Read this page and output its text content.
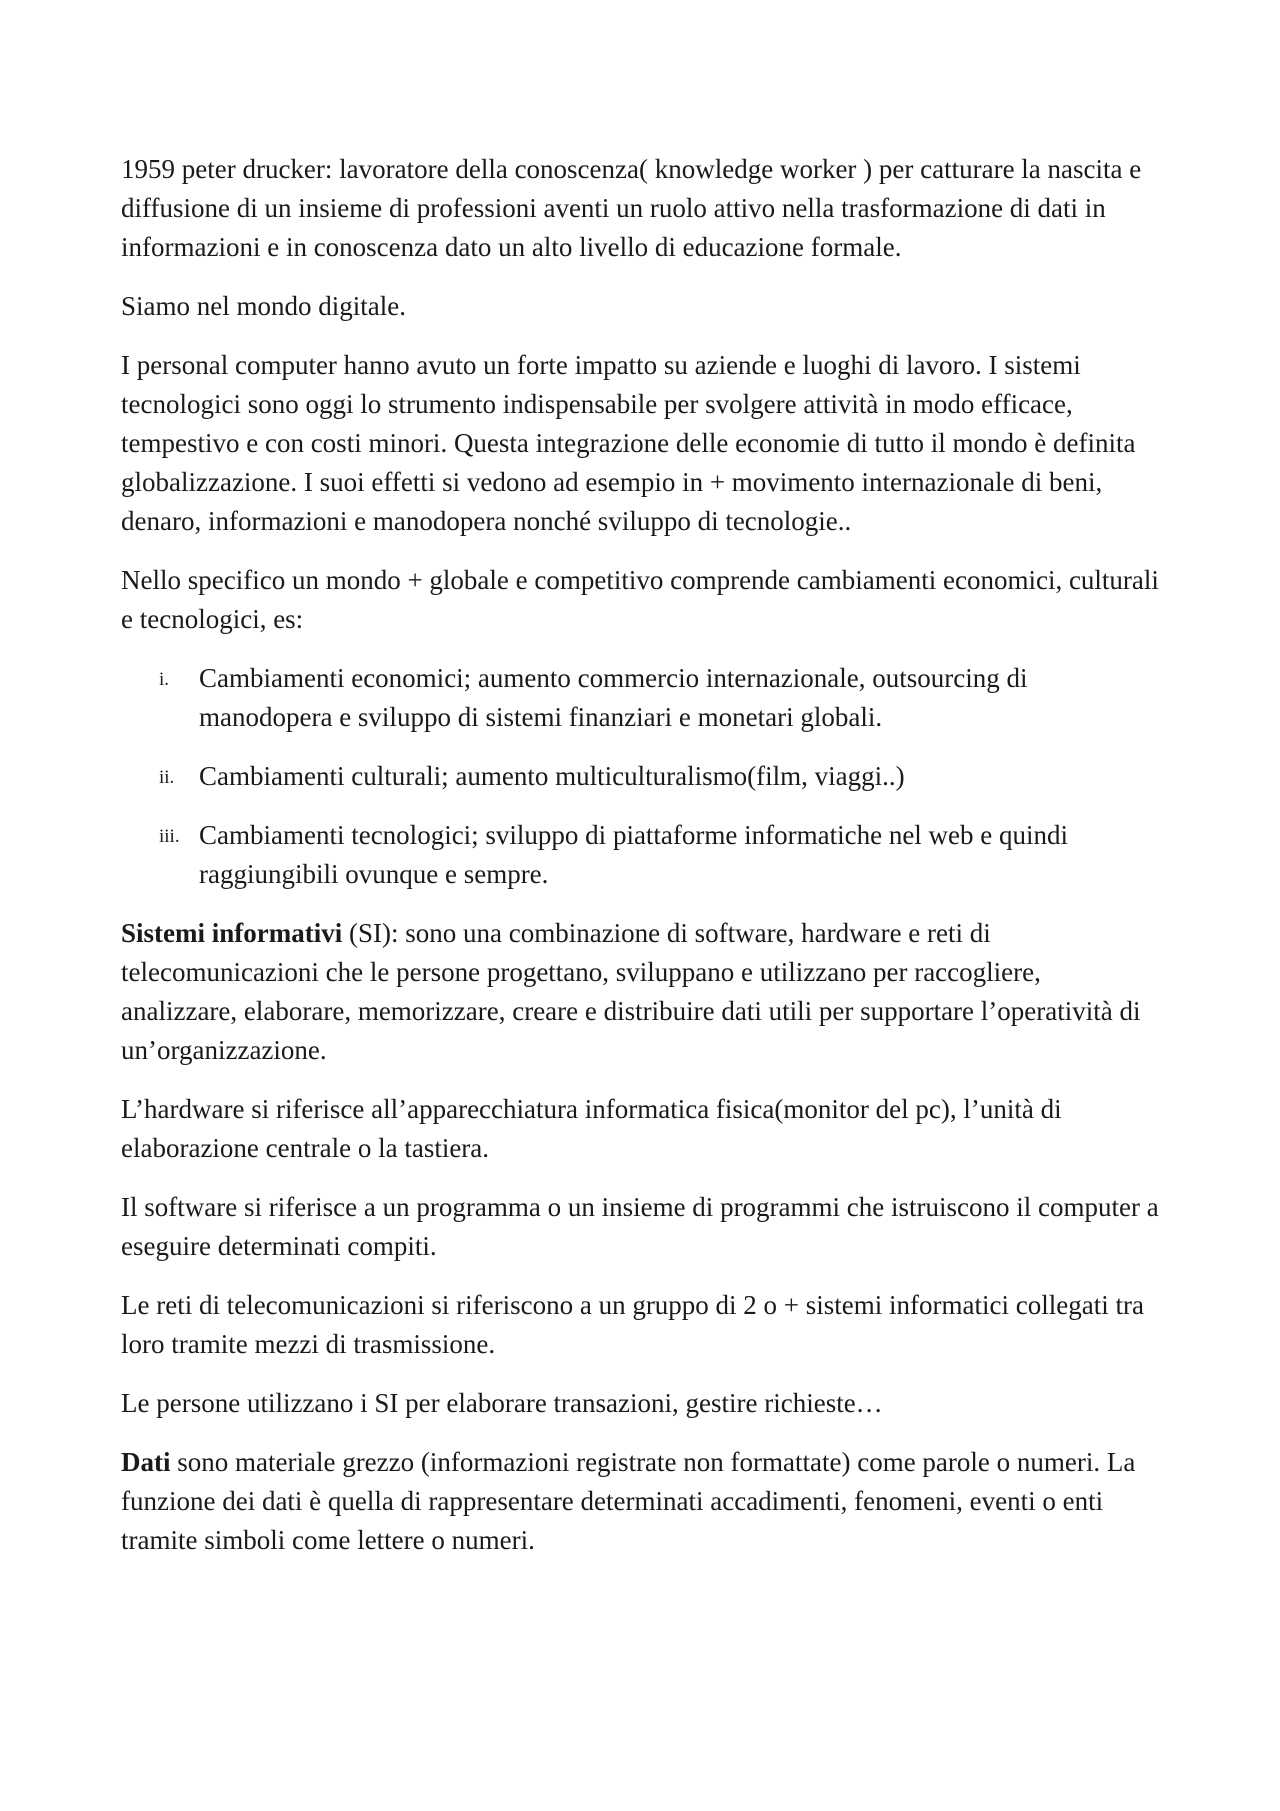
1959 peter drucker: lavoratore della conoscenza( knowledge worker ) per catturare la nascita e diffusione di un insieme di professioni aventi un ruolo attivo nella trasformazione di dati in informazioni e in conoscenza dato un alto livello di educazione formale.

Siamo nel mondo digitale.

I personal computer hanno avuto un forte impatto su aziende e luoghi di lavoro. I sistemi tecnologici sono oggi lo strumento indispensabile per svolgere attività in modo efficace, tempestivo e con costi minori. Questa integrazione delle economie di tutto il mondo è definita globalizzazione. I suoi effetti si vedono ad esempio in + movimento internazionale di beni, denaro, informazioni e manodopera nonché sviluppo di tecnologie..

Nello specifico un mondo + globale e competitivo comprende cambiamenti economici, culturali e tecnologici, es:

i. Cambiamenti economici; aumento commercio internazionale, outsourcing di manodopera e sviluppo di sistemi finanziari e monetari globali.
ii. Cambiamenti culturali; aumento multiculturalismo(film, viaggi..)
iii. Cambiamenti tecnologici; sviluppo di piattaforme informatiche nel web e quindi raggiungibili ovunque e sempre.

Sistemi informativi (SI): sono una combinazione di software, hardware e reti di telecomunicazioni che le persone progettano, sviluppano e utilizzano per raccogliere, analizzare, elaborare, memorizzare, creare e distribuire dati utili per supportare l’operatività di un’organizzazione.

L’hardware si riferisce all’apparecchiatura informatica fisica(monitor del pc), l’unità di elaborazione centrale o la tastiera.

Il software si riferisce a un programma o un insieme di programmi che istruiscono il computer a eseguire determinati compiti.

Le reti di telecomunicazioni si riferiscono a un gruppo di 2 o + sistemi informatici collegati tra loro tramite mezzi di trasmissione.

Le persone utilizzano i SI per elaborare transazioni, gestire richieste…

Dati sono materiale grezzo (informazioni registrate non formattate) come parole o numeri. La funzione dei dati è quella di rappresentare determinati accadimenti, fenomeni, eventi o enti tramite simboli come lettere o numeri.
